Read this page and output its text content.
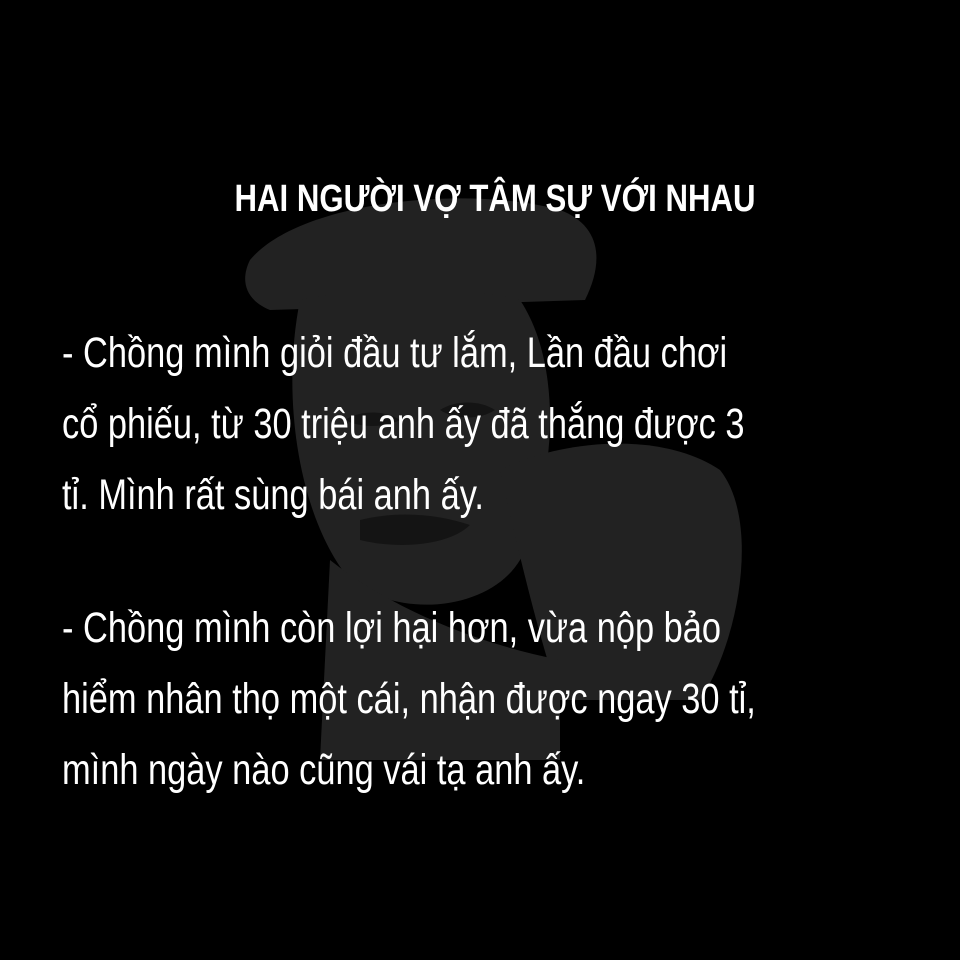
HAI NGƯỜI VỢ TÂM SỰ VỚI NHAU
- Chồng mình giỏi đầu tư lắm, Lần đầu chơi
cổ phiếu, từ 30 triệu anh ấy đã thắng được 3
tỉ. Mình rất sùng bái anh ấy.
- Chồng mình còn lợi hại hơn, vừa nộp bảo
hiểm nhân thọ một cái, nhận được ngay 30 tỉ,
mình ngày nào cũng vái tạ anh ấy.
